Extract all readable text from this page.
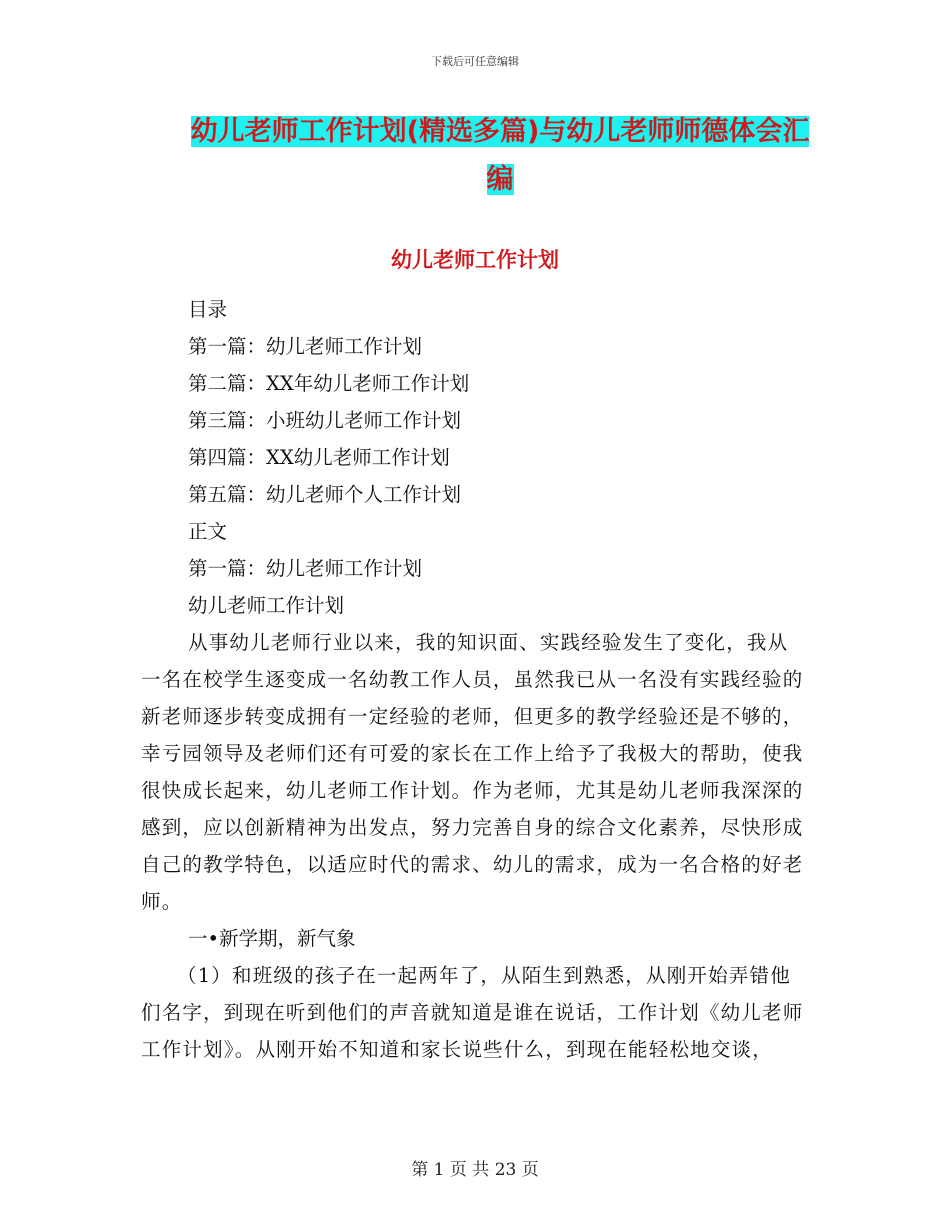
下载后可任意编辑
幼儿老师工作计划(精选多篇)与幼儿老师师德体会汇编
幼儿老师工作计划

目录

第一篇：幼儿老师工作计划

第二篇：XX年幼儿老师工作计划

第三篇：小班幼儿老师工作计划

第四篇：XX幼儿老师工作计划

第五篇：幼儿老师个人工作计划

正文

第一篇：幼儿老师工作计划

幼儿老师工作计划

从事幼儿老师行业以来，我的知识面、实践经验发生了变化，我从一名在校学生逐变成一名幼教工作人员，虽然我已从一名没有实践经验的新老师逐步转变成拥有一定经验的老师，但更多的教学经验还是不够的，幸亏园领导及老师们还有可爱的家长在工作上给予了我极大的帮助，使我很快成长起来，幼儿老师工作计划。作为老师，尤其是幼儿老师我深深的感到，应以创新精神为出发点，努力完善自身的综合文化素养，尽快形成自己的教学特色，以适应时代的需求、幼儿的需求，成为一名合格的好老师。

一•新学期，新气象

（1）和班级的孩子在一起两年了，从陌生到熟悉，从刚开始弄错他们名字，到现在听到他们的声音就知道是谁在说话，工作计划《幼儿老师工作计划》。从刚开始不知道和家长说些什么，到现在能轻松地交谈，

第 1 页 共 23 页
